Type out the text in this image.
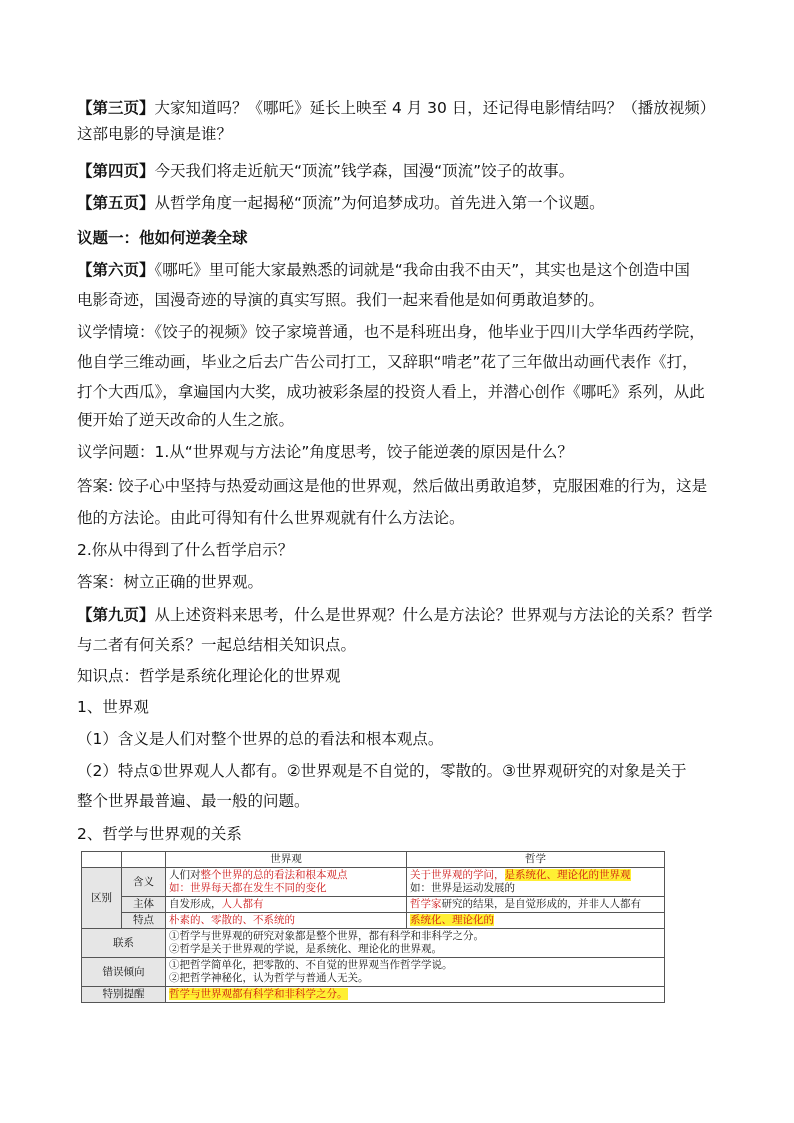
【第三页】大家知道吗？《哪吒》延长上映至 4 月 30 日，还记得电影情结吗？（播放视频）
这部电影的导演是谁？
【第四页】今天我们将走近航天“顶流”钱学森，国漫“顶流”饺子的故事。
【第五页】从哲学角度一起揭秘“顶流”为何追梦成功。首先进入第一个议题。
议题一：他如何逆袭全球
【第六页】《哪吒》里可能大家最熟悉的词就是“我命由我不由天”，其实也是这个创造中国
电影奇迹，国漫奇迹的导演的真实写照。我们一起来看他是如何勇敢追梦的。
议学情境：《饺子的视频》饺子家境普通，也不是科班出身，他毕业于四川大学华西药学院，
他自学三维动画，毕业之后去广告公司打工，又辞职“啃老”花了三年做出动画代表作《打，
打个大西瓜》，拿遍国内大奖，成功被彩条屋的投资人看上，并潜心创作《哪吒》系列，从此
便开始了逆天改命的人生之旅。
议学问题：1.从“世界观与方法论”角度思考，饺子能逆袭的原因是什么？
答案: 饺子心中坚持与热爱动画这是他的世界观，然后做出勇敢追梦，克服困难的行为，这是
他的方法论。由此可得知有什么世界观就有什么方法论。
2.你从中得到了什么哲学启示？
答案：树立正确的世界观。
【第九页】从上述资料来思考，什么是世界观？什么是方法论？世界观与方法论的关系？哲学
与二者有何关系？一起总结相关知识点。
知识点：哲学是系统化理论化的世界观
1、世界观
（1）含义是人们对整个世界的总的看法和根本观点。
（2）特点①世界观人人都有。②世界观是不自觉的，零散的。③世界观研究的对象是关于
整个世界最普遍、最一般的问题。
2、哲学与世界观的关系
		世界观	哲学
区别	含义	人们对整个世界的总的看法和根本观点
如：世界每天都在发生不同的变化	关于世界观的学问，是系统化、理论化的世界观
如：世界是运动发展的
	主体	自发形成，人人都有	哲学家研究的结果，是自觉形成的，并非人人都有
	特点	朴素的、零散的、不系统的	系统化、理论化的
联系		①哲学与世界观的研究对象都是整个世界，都有科学和非科学之分。
②哲学是关于世界观的学说，是系统化、理论化的世界观。	

错误倾向		①把哲学简单化，把零散的、不自觉的世界观当作哲学学说。
②把哲学神秘化，认为哲学与普通人无关。	

特别提醒		哲学与世界观都有科学和非科学之分。	
